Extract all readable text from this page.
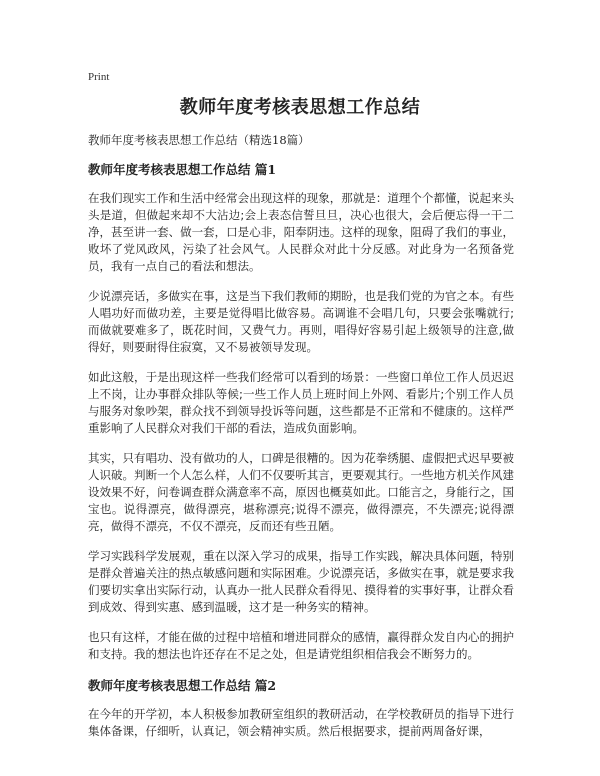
Print
教师年度考核表思想工作总结
教师年度考核表思想工作总结（精选18篇）
教师年度考核表思想工作总结 篇1

在我们现实工作和生活中经常会出现这样的现象，那就是：道理个个都懂，说起来头头是道，但做起来却不大沾边;会上表态信誓旦旦，决心也很大，会后便忘得一干二净，甚至讲一套、做一套，口是心非，阳奉阴违。这样的现象，阻碍了我们的事业，败坏了党风政风，污染了社会风气。人民群众对此十分反感。对此身为一名预备党员，我有一点自己的看法和想法。

少说漂亮话，多做实在事，这是当下我们教师的期盼，也是我们党的为官之本。有些人唱功好而做功差，主要是觉得唱比做容易。高调谁不会唱几句，只要会张嘴就行;而做就要难多了，既花时间，又费气力。再则，唱得好容易引起上级领导的注意,做得好，则要耐得住寂寞，又不易被领导发现。

如此这般，于是出现这样一些我们经常可以看到的场景：一些窗口单位工作人员迟迟上不岗，让办事群众排队等候;一些工作人员上班时间上外网、看影片;个别工作人员与服务对象吵架，群众找不到领导投诉等问题，这些都是不正常和不健康的。这样严重影响了人民群众对我们干部的看法，造成负面影响。

其实，只有唱功、没有做功的人，口碑是很糟的。因为花拳绣腿、虚假把式迟早要被人识破。判断一个人怎么样，人们不仅要听其言，更要观其行。一些地方机关作风建设效果不好，问卷调查群众满意率不高，原因也概莫如此。口能言之，身能行之，国宝也。说得漂亮，做得漂亮，堪称漂亮;说得不漂亮，做得漂亮，不失漂亮;说得漂亮，做得不漂亮，不仅不漂亮，反而还有些丑陋。

学习实践科学发展观，重在以深入学习的成果，指导工作实践，解决具体问题，特别是群众普遍关注的热点敏感问题和实际困难。少说漂亮话，多做实在事，就是要求我们要切实拿出实际行动，认真办一批人民群众看得见、摸得着的实事好事，让群众看到成效、得到实惠、感到温暖，这才是一种务实的精神。

也只有这样，才能在做的过程中培植和增进同群众的感情，赢得群众发自内心的拥护和支持。我的想法也许还存在不足之处，但是请党组织相信我会不断努力的。

教师年度考核表思想工作总结 篇2

在今年的开学初，本人积极参加教研室组织的教研活动，在学校教研员的指导下进行集体备课，仔细听，认真记，领会精神实质。然后根据要求，提前两周备好课，
